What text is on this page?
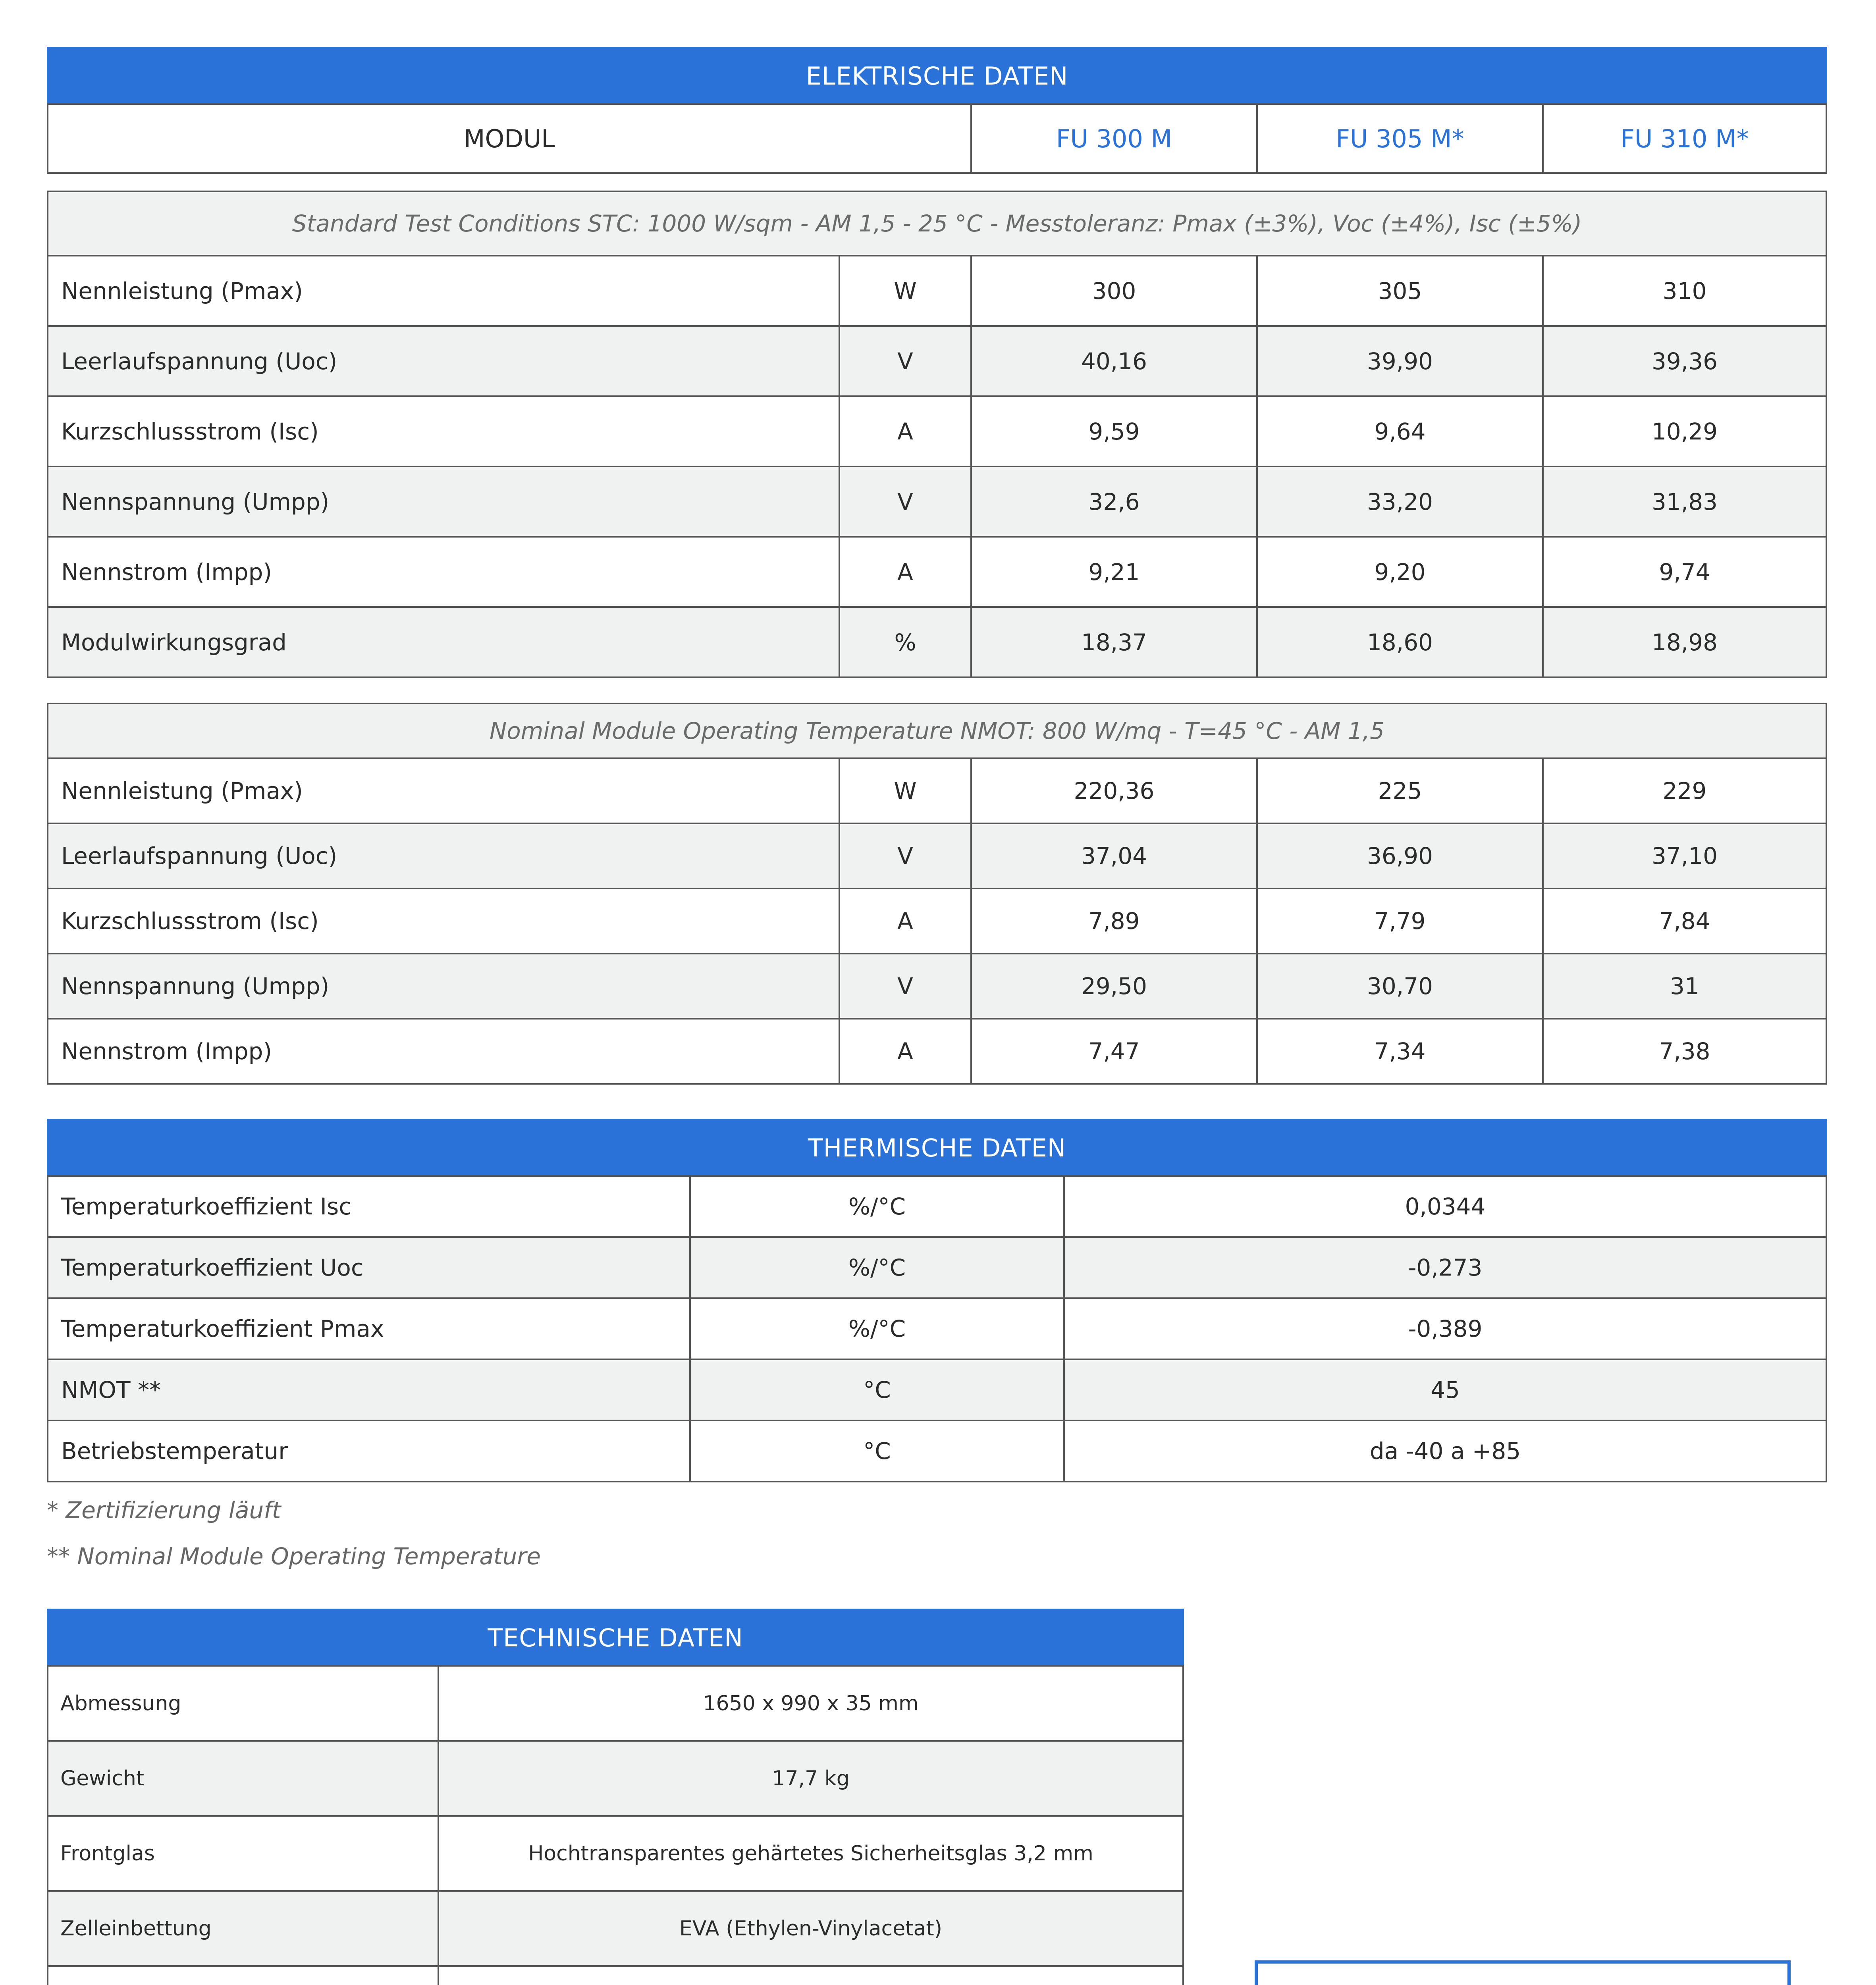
ELEKTRISCHE DATEN
MODUL	FU 300 M	FU 305 M*	FU 310 M*
Standard Test Conditions STC: 1000 W/sqm - AM 1,5 - 25 °C - Messtoleranz: Pmax (±3%), Voc (±4%), Isc (±5%)
Nennleistung (Pmax)	W	300	305	310
Leerlaufspannung (Uoc)	V	40,16	39,90	39,36
Kurzschlussstrom (Isc)	A	9,59	9,64	10,29
Nennspannung (Umpp)	V	32,6	33,20	31,83
Nennstrom (Impp)	A	9,21	9,20	9,74
Modulwirkungsgrad	%	18,37	18,60	18,98
Nominal Module Operating Temperature NMOT: 800 W/mq - T=45 °C - AM 1,5
Nennleistung (Pmax)	W	220,36	225	229
Leerlaufspannung (Uoc)	V	37,04	36,90	37,10
Kurzschlussstrom (Isc)	A	7,89	7,79	7,84
Nennspannung (Umpp)	V	29,50	30,70	31
Nennstrom (Impp)	A	7,47	7,34	7,38
THERMISCHE DATEN
Temperaturkoeffizient Isc	%/°C	0,0344
Temperaturkoeffizient Uoc	%/°C	-0,273
Temperaturkoeffizient Pmax	%/°C	-0,389
NMOT **	°C	45
Betriebstemperatur	°C	da -40 a +85
* Zertifizierung läuft
** Nominal Module Operating Temperature
TECHNISCHE DATEN
Abmessung	1650 x 990 x 35 mm
Gewicht	17,7 kg
Frontglas	Hochtransparentes gehärtetes Sicherheitsglas 3,2 mm
Zelleinbettung	EVA (Ethylen-Vinylacetat)
